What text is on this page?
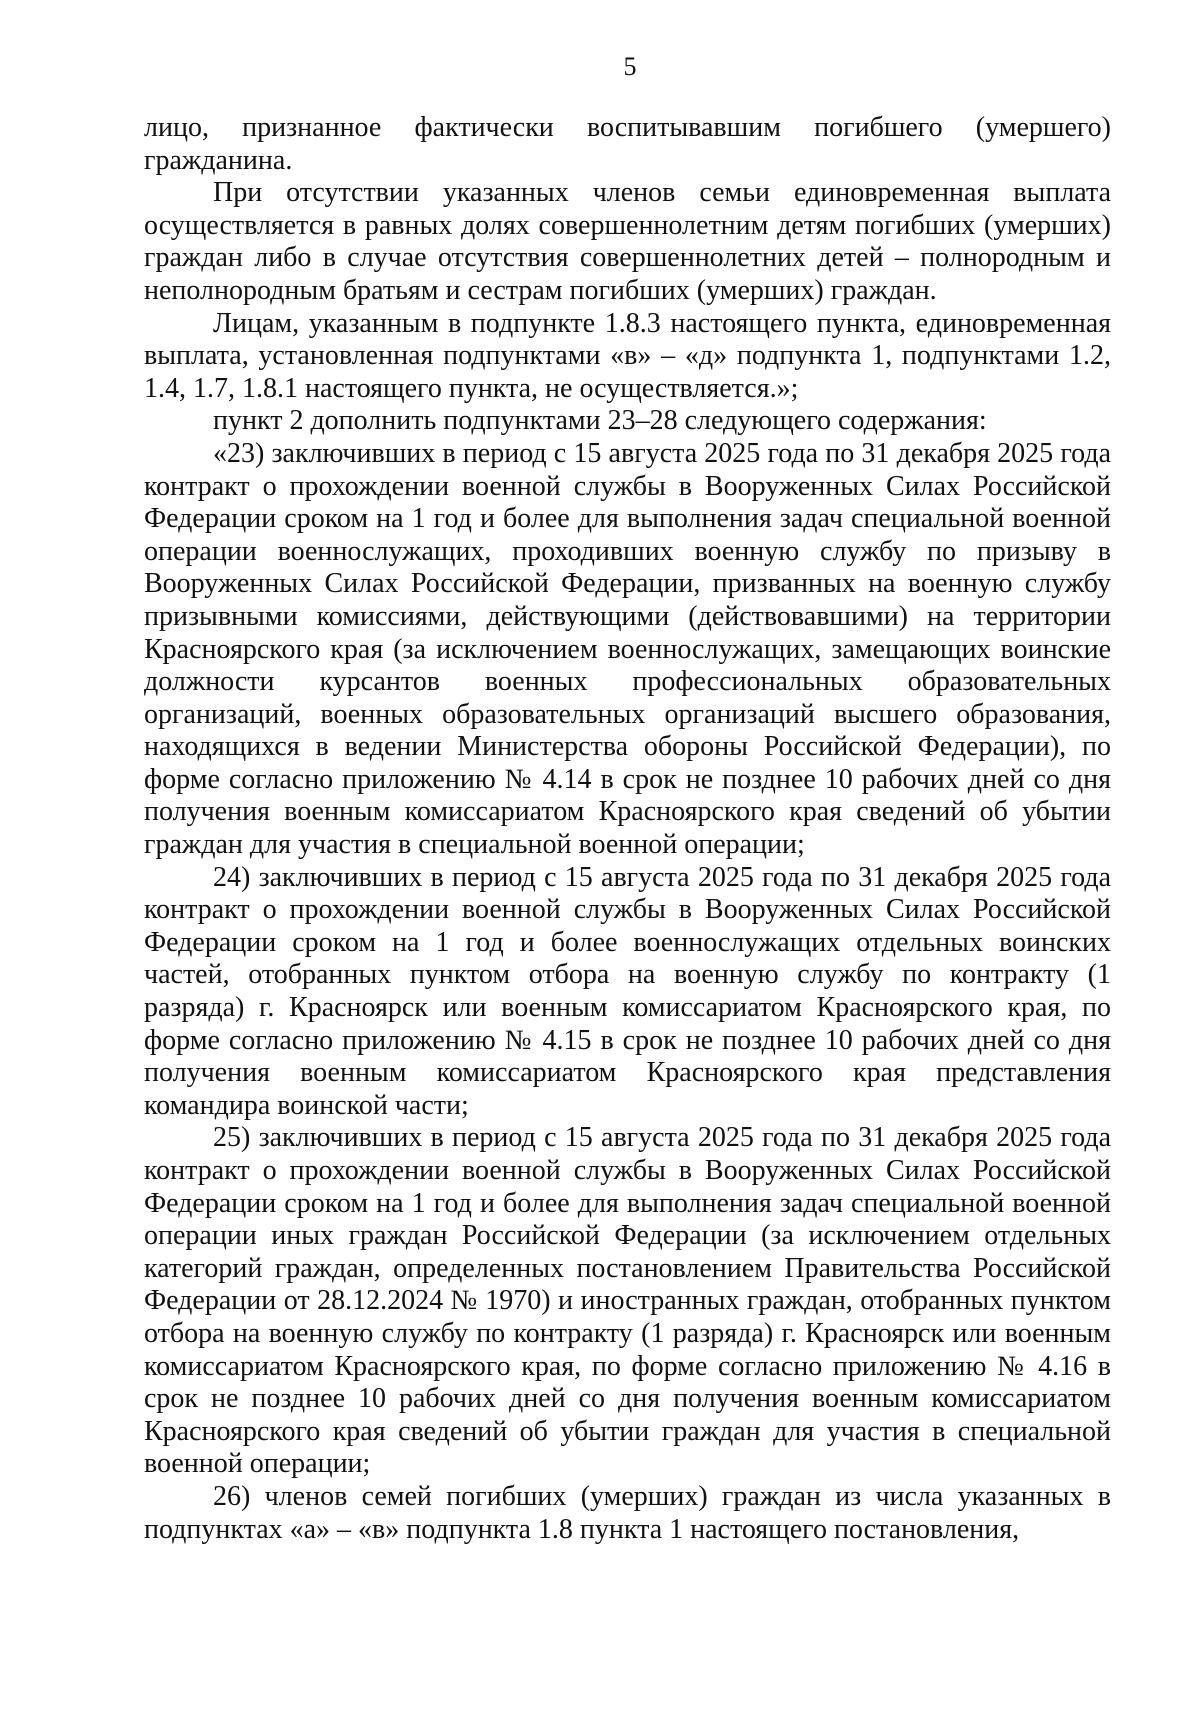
5

лицо, признанное фактически воспитывавшим погибшего (умершего) гражданина.

При отсутствии указанных членов семьи единовременная выплата осуществляется в равных долях совершеннолетним детям погибших (умерших) граждан либо в случае отсутствия совершеннолетних детей – полнородным и неполнородным братьям и сестрам погибших (умерших) граждан.

Лицам, указанным в подпункте 1.8.3 настоящего пункта, единовременная выплата, установленная подпунктами «в» – «д» подпункта 1, подпунктами 1.2, 1.4, 1.7, 1.8.1 настоящего пункта, не осуществляется.»;

пункт 2 дополнить подпунктами 23–28 следующего содержания:

«23) заключивших в период с 15 августа 2025 года по 31 декабря 2025 года контракт о прохождении военной службы в Вооруженных Силах Российской Федерации сроком на 1 год и более для выполнения задач специальной военной операции военнослужащих, проходивших военную службу по призыву в Вооруженных Силах Российской Федерации, призванных на военную службу призывными комиссиями, действующими (действовавшими) на территории Красноярского края (за исключением военнослужащих, замещающих воинские должности курсантов военных профессиональных образовательных организаций, военных образовательных организаций высшего образования, находящихся в ведении Министерства обороны Российской Федерации), по форме согласно приложению № 4.14 в срок не позднее 10 рабочих дней со дня получения военным комиссариатом Красноярского края сведений об убытии граждан для участия в специальной военной операции;

24) заключивших в период с 15 августа 2025 года по 31 декабря 2025 года контракт о прохождении военной службы в Вооруженных Силах Российской Федерации сроком на 1 год и более военнослужащих отдельных воинских частей, отобранных пунктом отбора на военную службу по контракту (1 разряда) г. Красноярск или военным комиссариатом Красноярского края, по форме согласно приложению № 4.15 в срок не позднее 10 рабочих дней со дня получения военным комиссариатом Красноярского края представления командира воинской части;

25) заключивших в период с 15 августа 2025 года по 31 декабря 2025 года контракт о прохождении военной службы в Вооруженных Силах Российской Федерации сроком на 1 год и более для выполнения задач специальной военной операции иных граждан Российской Федерации (за исключением отдельных категорий граждан, определенных постановлением Правительства Российской Федерации от 28.12.2024 № 1970) и иностранных граждан, отобранных пунктом отбора на военную службу по контракту (1 разряда) г. Красноярск или военным комиссариатом Красноярского края, по форме согласно приложению № 4.16 в срок не позднее 10 рабочих дней со дня получения военным комиссариатом Красноярского края сведений об убытии граждан для участия в специальной военной операции;

26) членов семей погибших (умерших) граждан из числа указанных в подпунктах «а» – «в» подпункта 1.8 пункта 1 настоящего постановления,
